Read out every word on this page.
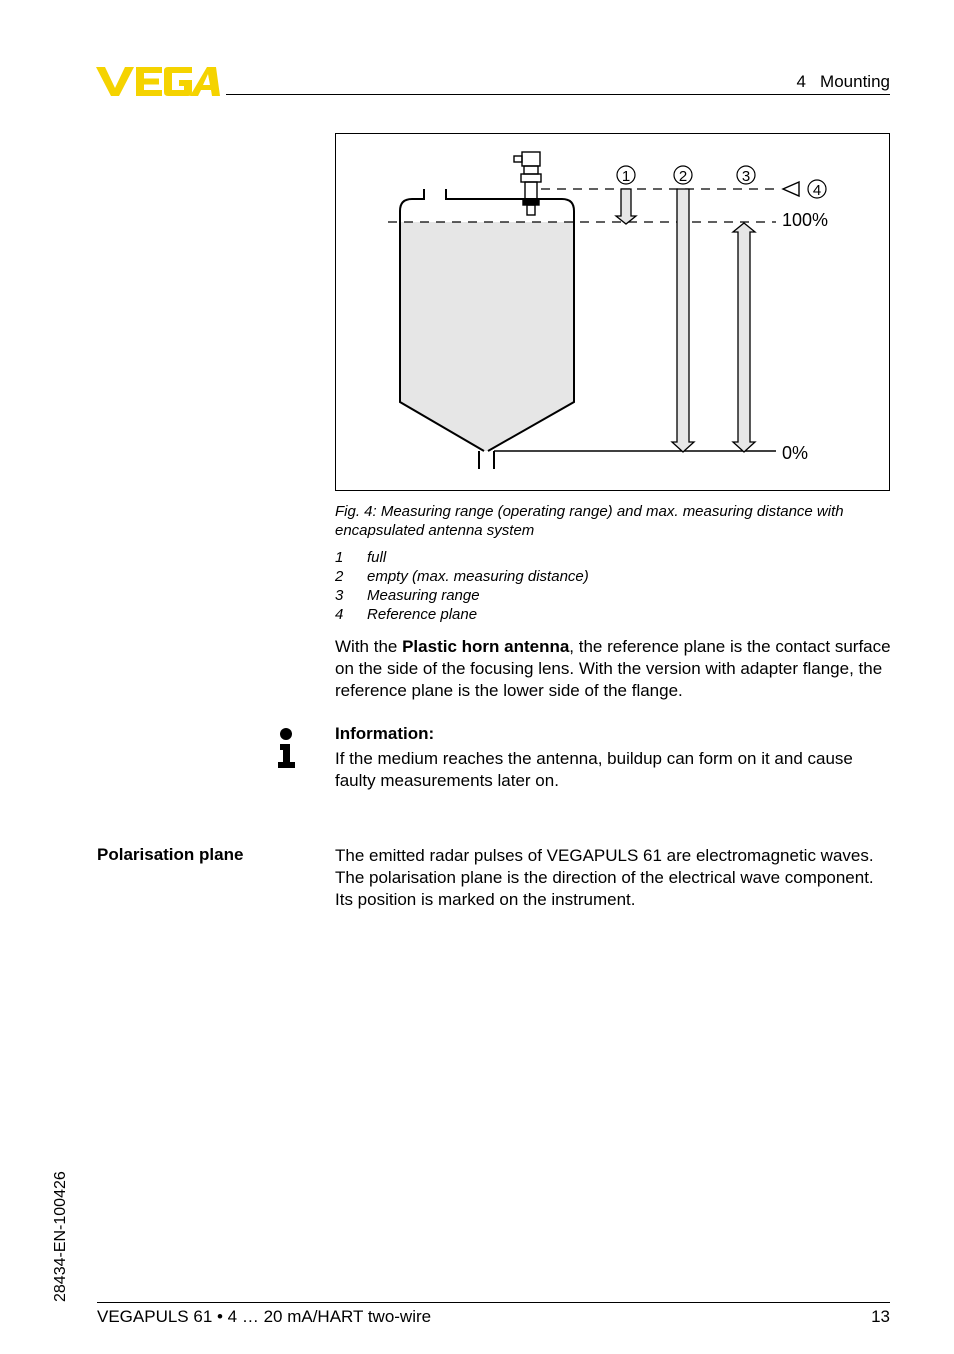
4   Mounting
1	2	3
4
100%
0%
Fig. 4: Measuring range (operating range) and max. measuring distance with encapsulated antenna system
1	full
2	empty (max. measuring distance)
3	Measuring range
4	Reference plane
With the Plastic horn antenna, the reference plane is the contact surface on the side of the focusing lens. With the version with adapter flange, the reference plane is the lower side of the flange.
Information:
If the medium reaches the antenna, buildup can form on it and cause faulty measurements later on.
Polarisation plane	The emitted radar pulses of VEGAPULS 61 are electromagnetic waves. The polarisation plane is the direction of the electrical wave component. Its position is marked on the instrument.
28434-EN-100426
VEGAPULS 61 • 4 … 20 mA/HART two-wire	13
